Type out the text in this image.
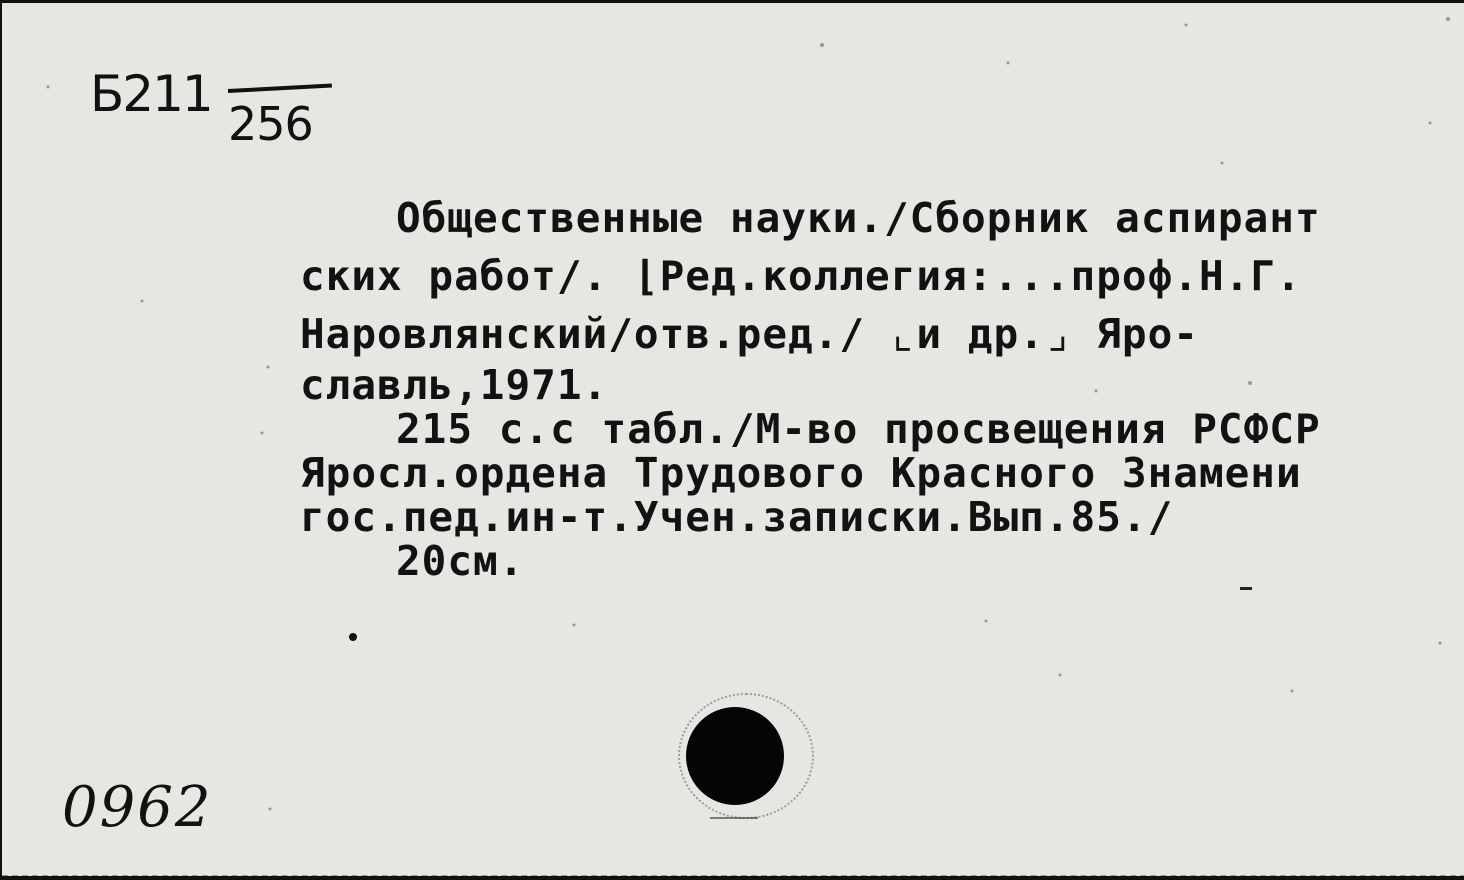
Б211
256
Общественные науки./Сборник аспирант
ских работ/. ⌊Ред.коллегия:...проф.Н.Г.
Наровлянский/отв.ред./ ⌞и др.⌟ Яро-
славль,1971.
215 с.с табл./М-во просвещения РСФСР
Яросл.ордена Трудового Красного Знамени
гос.пед.ин-т.Учен.записки.Вып.85./
20см.
0962
